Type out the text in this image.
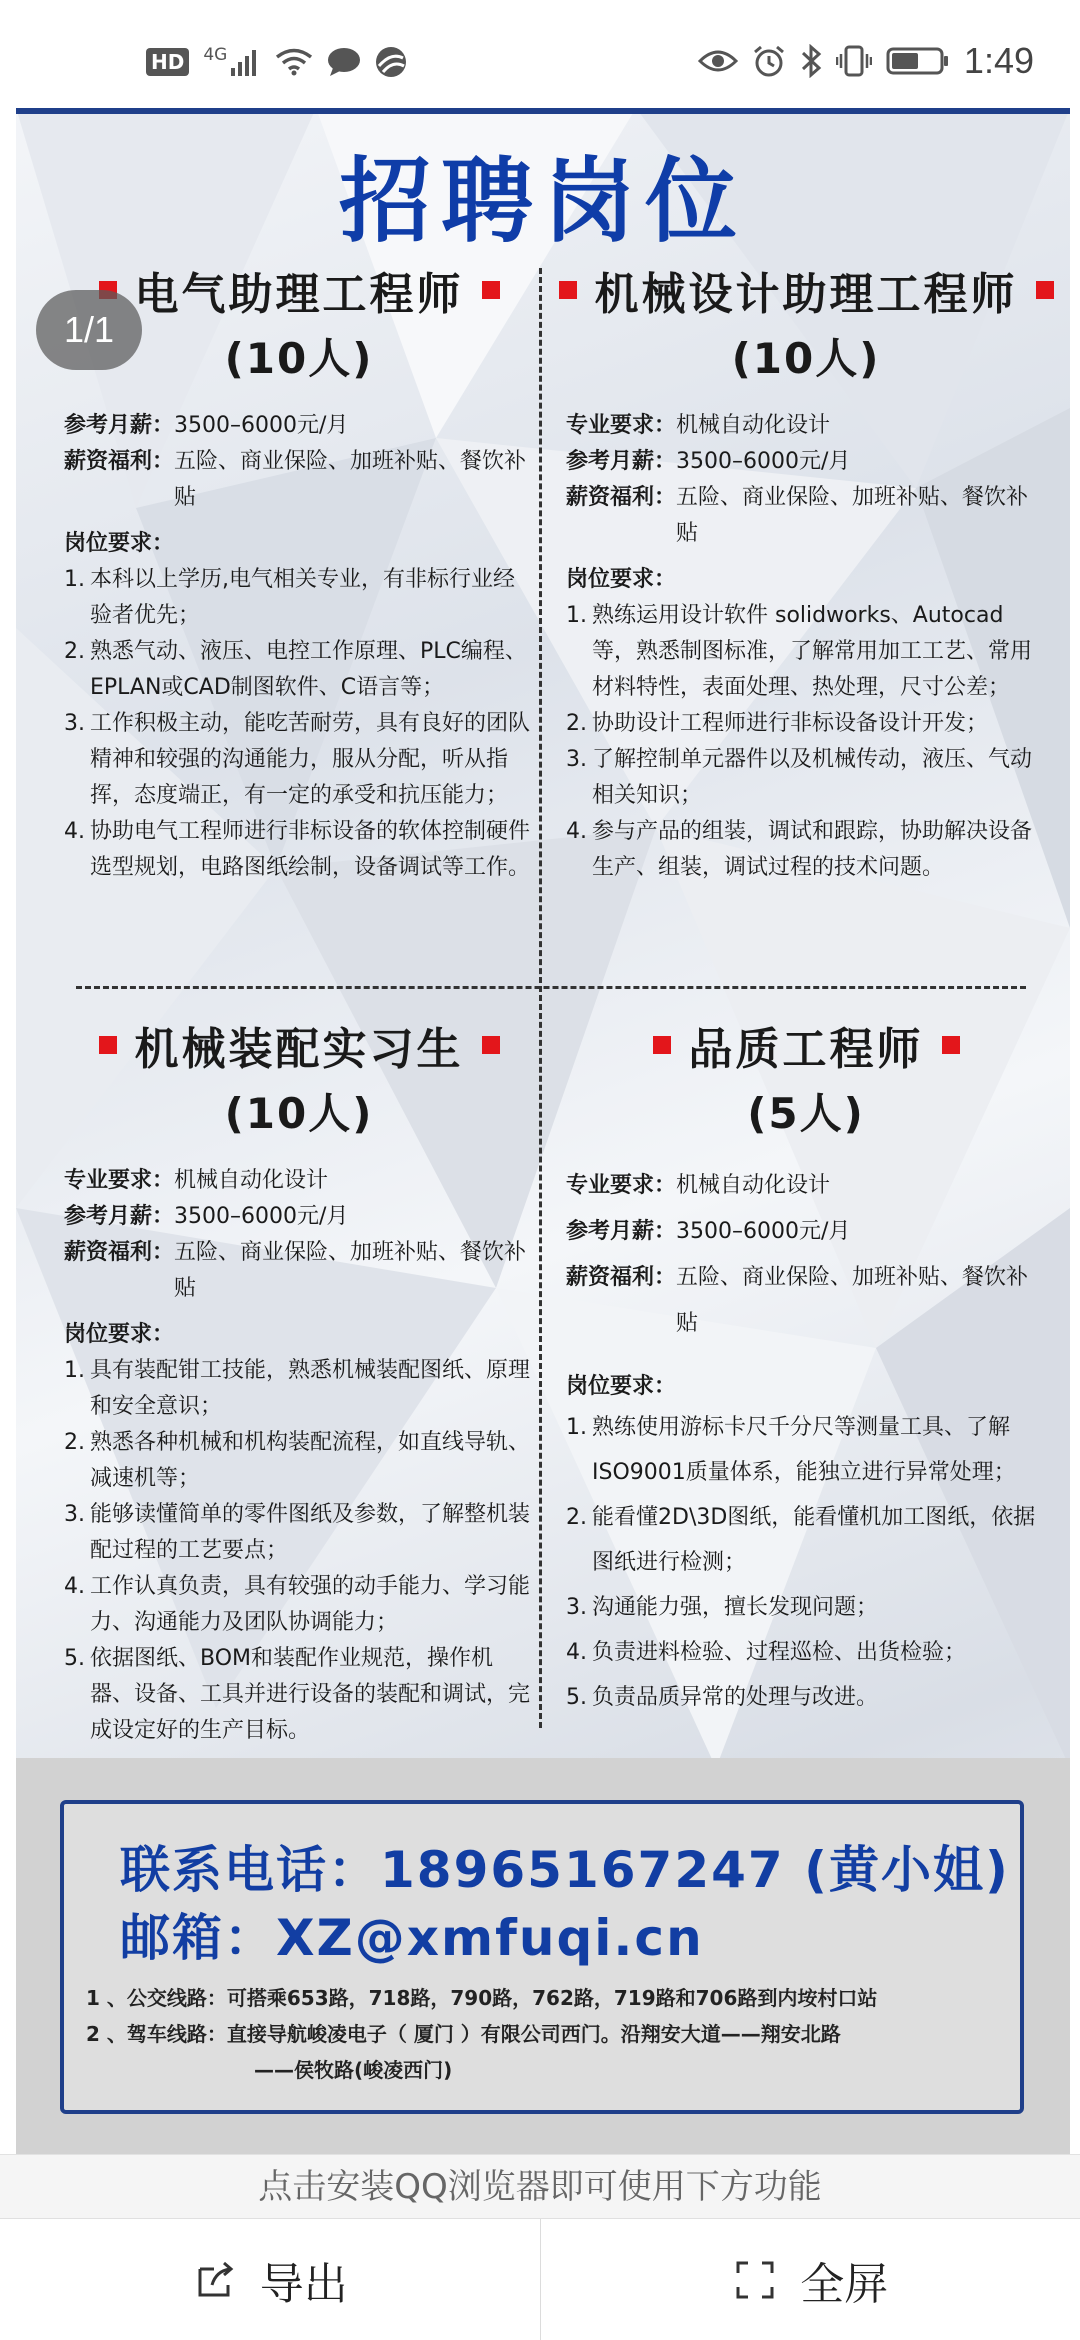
HD 4G	1:49
招聘岗位
电气助理工程师
(10人)
参考月薪： 3500–6000元/月
薪资福利： 五险、商业保险、加班补贴、餐饮补贴
岗位要求：
1. 本科以上学历,电气相关专业，有非标行业经验者优先；
2. 熟悉气动、液压、电控工作原理、PLC编程、EPLAN或CAD制图软件、C语言等；
3. 工作积极主动，能吃苦耐劳，具有良好的团队精神和较强的沟通能力，服从分配，听从指挥，态度端正，有一定的承受和抗压能力；
4. 协助电气工程师进行非标设备的软体控制硬件选型规划，电路图纸绘制，设备调试等工作。
机械设计助理工程师
(10人)
专业要求： 机械自动化设计
参考月薪： 3500–6000元/月
薪资福利： 五险、商业保险、加班补贴、餐饮补贴
岗位要求：
1. 熟练运用设计软件 solidworks、Autocad等，熟悉制图标准，了解常用加工工艺、常用材料特性，表面处理、热处理，尺寸公差；
2. 协助设计工程师进行非标设备设计开发；
3. 了解控制单元器件以及机械传动，液压、气动相关知识；
4. 参与产品的组装，调试和跟踪，协助解决设备生产、组装，调试过程的技术问题。
机械装配实习生
(10人)
专业要求： 机械自动化设计
参考月薪： 3500–6000元/月
薪资福利： 五险、商业保险、加班补贴、餐饮补贴
岗位要求：
1. 具有装配钳工技能，熟悉机械装配图纸、原理和安全意识；
2. 熟悉各种机械和机构装配流程，如直线导轨、减速机等；
3. 能够读懂简单的零件图纸及参数，了解整机装配过程的工艺要点；
4. 工作认真负责，具有较强的动手能力、学习能力、沟通能力及团队协调能力；
5. 依据图纸、BOM和装配作业规范，操作机器、设备、工具并进行设备的装配和调试，完成设定好的生产目标。
品质工程师
(5人)
专业要求： 机械自动化设计
参考月薪： 3500–6000元/月
薪资福利： 五险、商业保险、加班补贴、餐饮补贴
岗位要求：
1. 熟练使用游标卡尺千分尺等测量工具、了解ISO9001质量体系，能独立进行异常处理；
2. 能看懂2D\3D图纸，能看懂机加工图纸，依据图纸进行检测；
3. 沟通能力强，擅长发现问题；
4. 负责进料检验、过程巡检、出货检验；
5. 负责品质异常的处理与改进。
联系电话：18965167247 (黄小姐)
邮箱：XZ@xmfuqi.cn
1 、公交线路：可搭乘653路，718路，790路，762路，719路和706路到内垵村口站
2 、驾车线路：直接导航峻凌电子（ 厦门 ）有限公司西门。沿翔安大道——翔安北路
——侯牧路(峻凌西门)
1/1
点击安装QQ浏览器即可使用下方功能
导出	全屏
